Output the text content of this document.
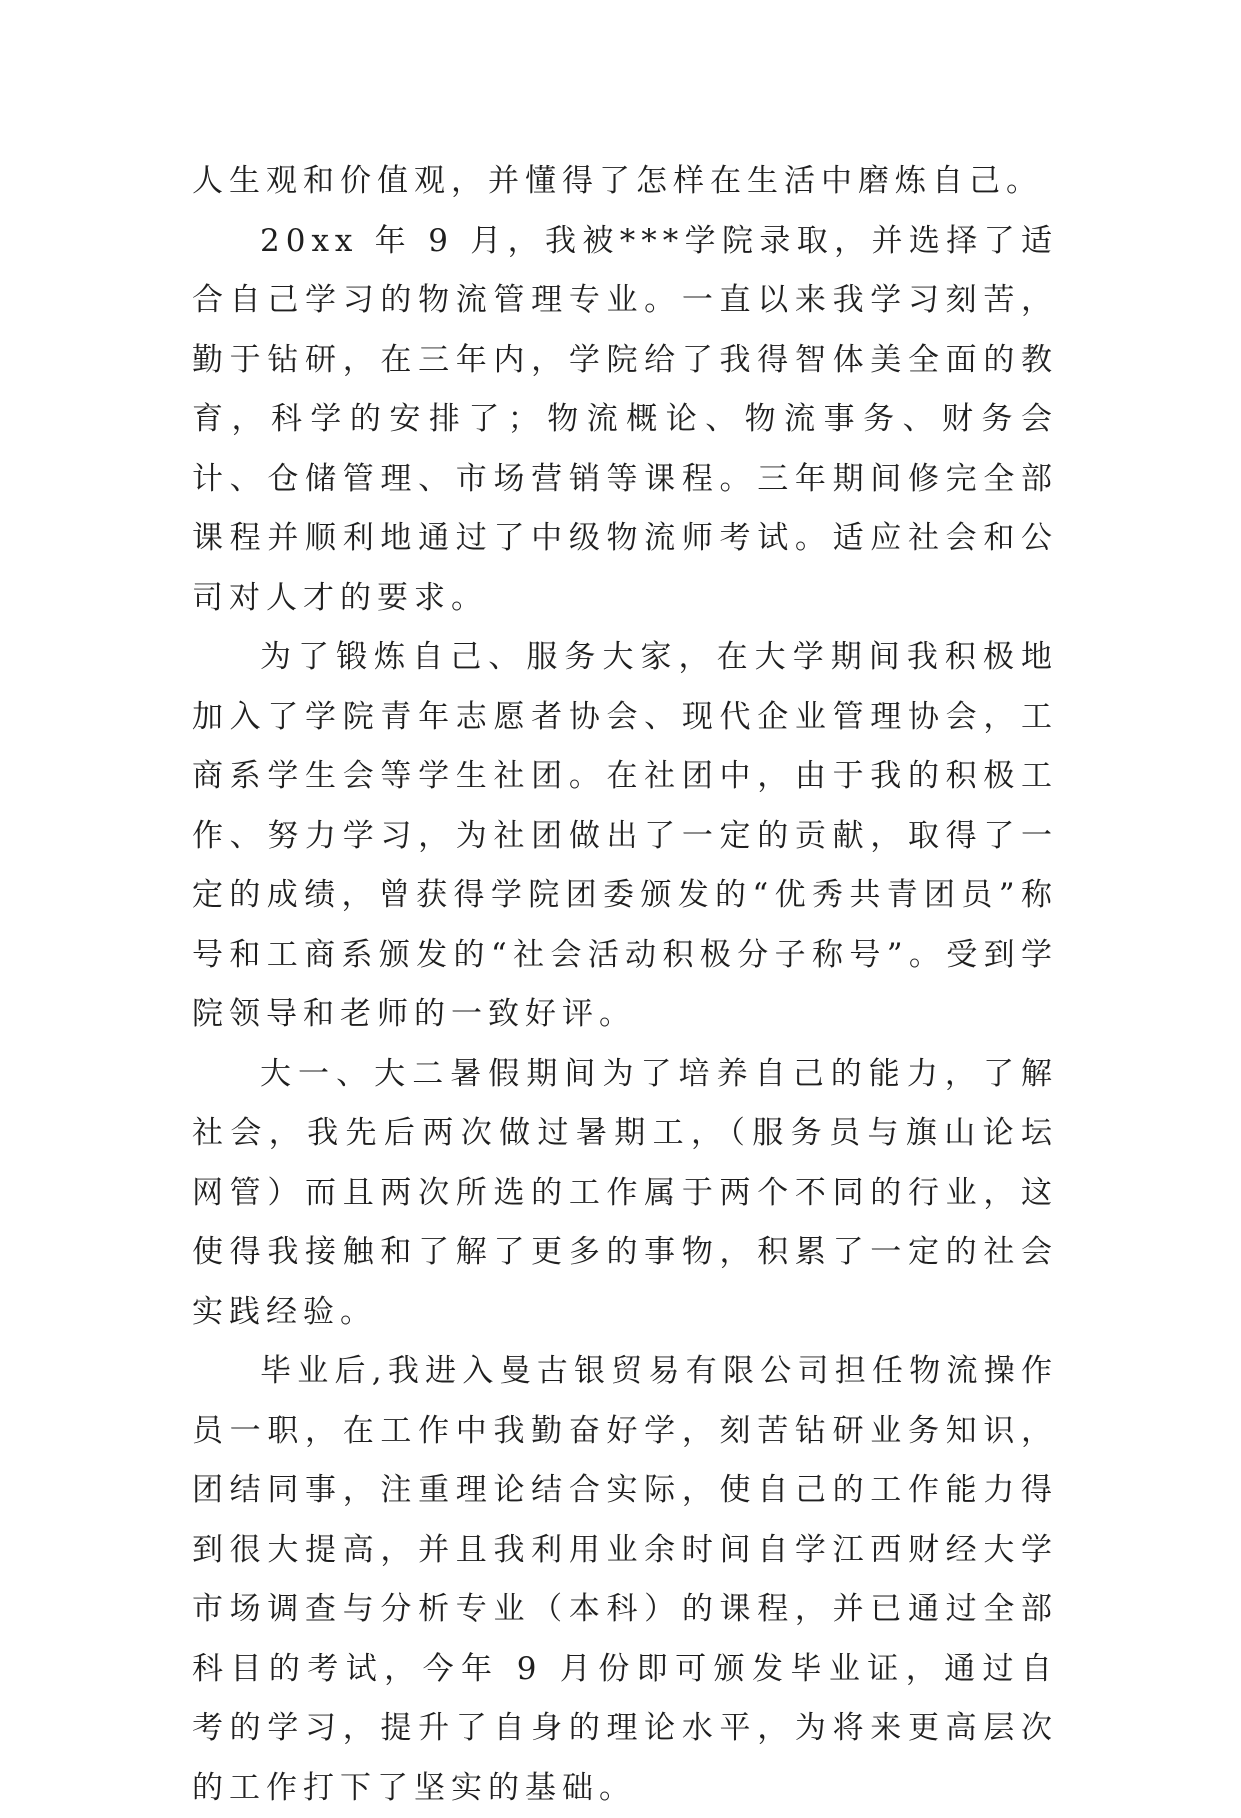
人生观和价值观，并懂得了怎样在生活中磨炼自己。

20xx 年 9 月，我被***学院录取，并选择了适合自己学习的物流管理专业。一直以来我学习刻苦，勤于钻研，在三年内，学院给了我得智体美全面的教育，科学的安排了；物流概论、物流事务、财务会计、仓储管理、市场营销等课程。三年期间修完全部课程并顺利地通过了中级物流师考试。适应社会和公司对人才的要求。

为了锻炼自己、服务大家，在大学期间我积极地加入了学院青年志愿者协会、现代企业管理协会，工商系学生会等学生社团。在社团中，由于我的积极工作、努力学习，为社团做出了一定的贡献，取得了一定的成绩，曾获得学院团委颁发的“优秀共青团员”称号和工商系颁发的“社会活动积极分子称号”。受到学院领导和老师的一致好评。

大一、大二暑假期间为了培养自己的能力，了解社会，我先后两次做过暑期工，（服务员与旗山论坛网管）而且两次所选的工作属于两个不同的行业，这使得我接触和了解了更多的事物，积累了一定的社会实践经验。

毕业后,我进入曼古银贸易有限公司担任物流操作员一职，在工作中我勤奋好学，刻苦钻研业务知识，团结同事，注重理论结合实际，使自己的工作能力得到很大提高，并且我利用业余时间自学江西财经大学市场调查与分析专业（本科）的课程，并已通过全部科目的考试，今年 9 月份即可颁发毕业证，通过自考的学习，提升了自身的理论水平，为将来更高层次的工作打下了坚实的基础。
